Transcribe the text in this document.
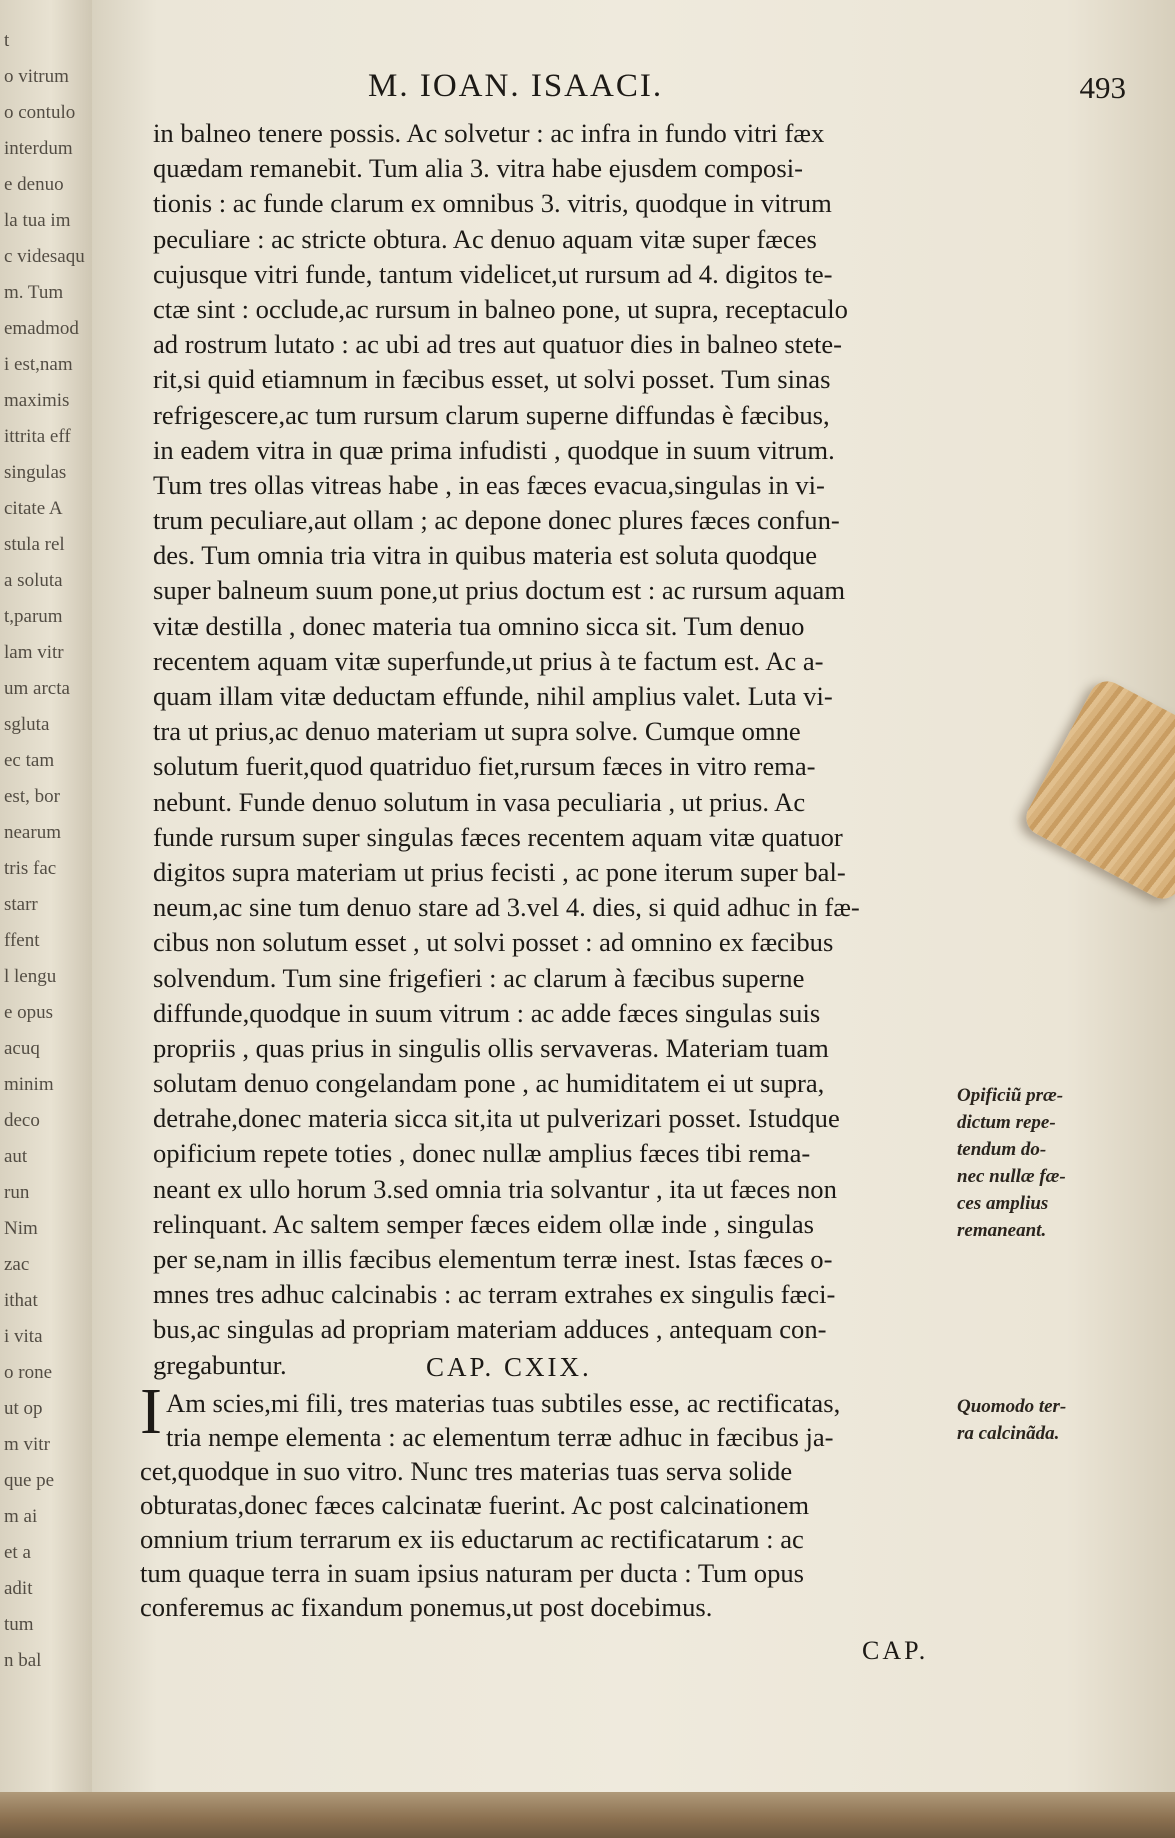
t
o vitrum
o contulo
interdum
e denuo
la tua im
c videsaqu
m. Tum
emadmod
i est,nam
maximis
ittrita eff
singulas
citate A
stula rel
a soluta
t,parum
lam vitr
um arcta
sgluta
ec tam
est, bor
nearum
tris fac
starr
ffent
l lengu
e opus
acuq
minim
deco
aut
run
Nim
zac
ithat
i vita
o rone
ut op
m vitr
que pe
m ai
et a
adit
tum
n bal
M. IOAN. ISAACI.	493
in balneo tenere possis. Ac solvetur : ac infra in fundo vitri fæx
quædam remanebit. Tum alia 3. vitra habe ejusdem composi-
tionis : ac funde clarum ex omnibus 3. vitris, quodque in vitrum
peculiare : ac stricte obtura. Ac denuo aquam vitæ super fæces
cujusque vitri funde, tantum videlicet,ut rursum ad 4. digitos te-
ctæ sint : occlude,ac rursum in balneo pone, ut supra, receptaculo
ad rostrum lutato : ac ubi ad tres aut quatuor dies in balneo stete-
rit,si quid etiamnum in fæcibus esset, ut solvi posset. Tum sinas
refrigescere,ac tum rursum clarum superne diffundas è fæcibus,
in eadem vitra in quæ prima infudisti , quodque in suum vitrum.
Tum tres ollas vitreas habe , in eas fæces evacua,singulas in vi-
trum peculiare,aut ollam ; ac depone donec plures fæces confun-
des. Tum omnia tria vitra in quibus materia est soluta quodque
super balneum suum pone,ut prius doctum est : ac rursum aquam
vitæ destilla , donec materia tua omnino sicca sit. Tum denuo
recentem aquam vitæ superfunde,ut prius à te factum est. Ac a-
quam illam vitæ deductam effunde, nihil amplius valet. Luta vi-
tra ut prius,ac denuo materiam ut supra solve. Cumque omne
solutum fuerit,quod quatriduo fiet,rursum fæces in vitro rema-
nebunt. Funde denuo solutum in vasa peculiaria , ut prius. Ac
funde rursum super singulas fæces recentem aquam vitæ quatuor
digitos supra materiam ut prius fecisti , ac pone iterum super bal-
neum,ac sine tum denuo stare ad 3.vel 4. dies, si quid adhuc in fæ-
cibus non solutum esset , ut solvi posset : ad omnino ex fæcibus
solvendum. Tum sine frigefieri : ac clarum à fæcibus superne
diffunde,quodque in suum vitrum : ac adde fæces singulas suis
propriis , quas prius in singulis ollis servaveras. Materiam tuam
solutam denuo congelandam pone , ac humiditatem ei ut supra,
detrahe,donec materia sicca sit,ita ut pulverizari posset. Istudque
opificium repete toties , donec nullæ amplius fæces tibi rema-
neant ex ullo horum 3.sed omnia tria solvantur , ita ut fæces non
relinquant. Ac saltem semper fæces eidem ollæ inde , singulas
per se,nam in illis fæcibus elementum terræ inest. Istas fæces o-
mnes tres adhuc calcinabis : ac terram extrahes ex singulis fæci-
bus,ac singulas ad propriam materiam adduces , antequam con-
gregabuntur.
Opificiũ præ-
dictum repe-
tendum do-
nec nullæ fæ-
ces amplius
remaneant.
CAP. CXIX.
I Am scies,mi fili, tres materias tuas subtiles esse, ac rectificatas,
tria nempe elementa : ac elementum terræ adhuc in fæcibus ja-
cet,quodque in suo vitro. Nunc tres materias tuas serva solide
obturatas,donec fæces calcinatæ fuerint. Ac post calcinationem
omnium trium terrarum ex iis eductarum ac rectificatarum : ac
tum quaque terra in suam ipsius naturam per ducta : Tum opus
conferemus ac fixandum ponemus,ut post docebimus.
Quomodo ter-
ra calcinãda.
CAP.
